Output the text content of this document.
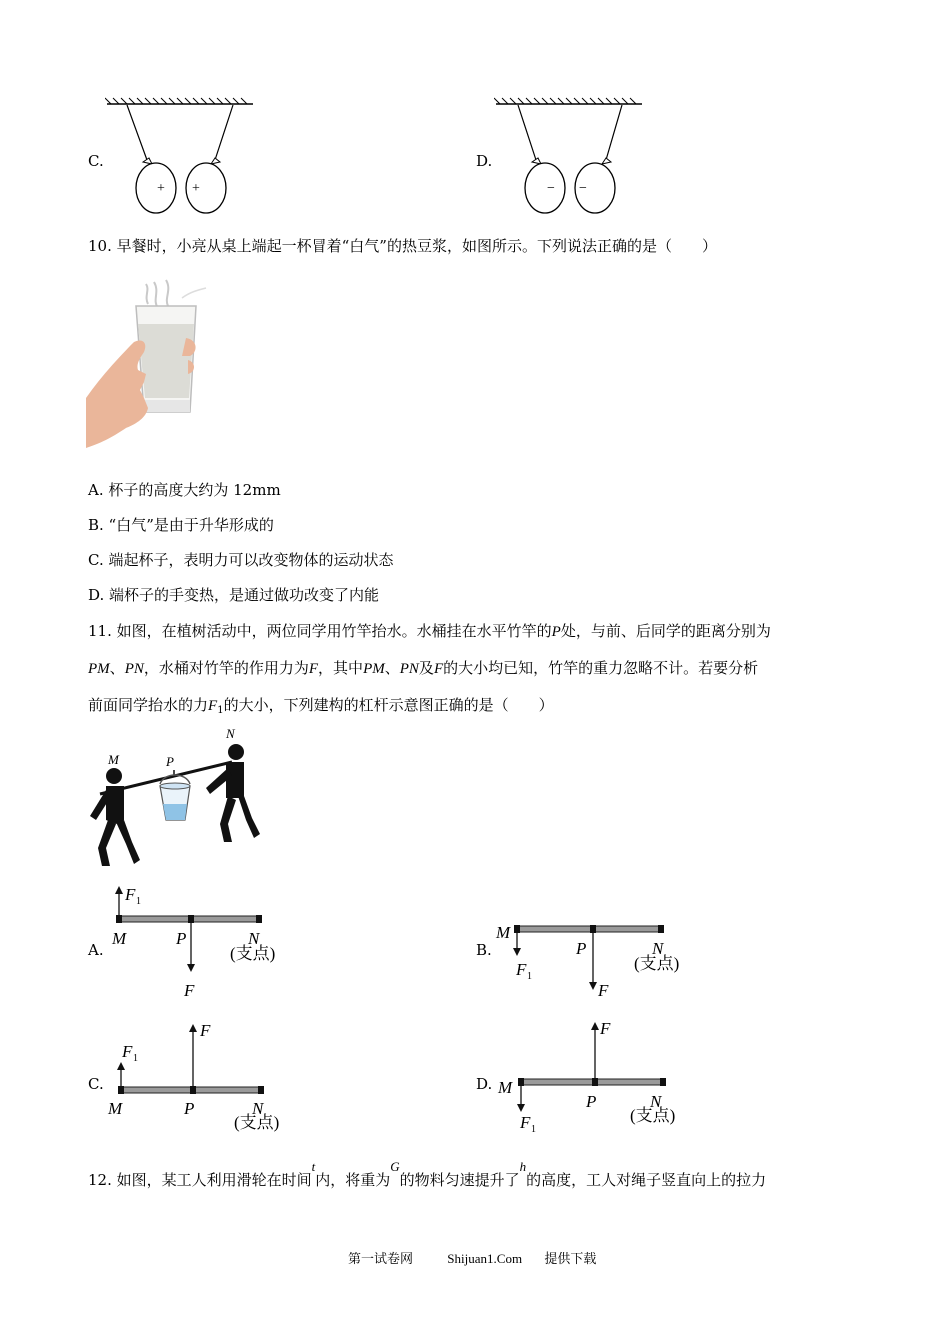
C.
+ +
D.
− −
10. 早餐时，小亮从桌上端起一杯冒着“白气”的热豆浆，如图所示。下列说法正确的是（　　）
A. 杯子的高度大约为 12mm
B. “白气”是由于升华形成的
C. 端起杯子，表明力可以改变物体的运动状态
D. 端杯子的手变热，是通过做功改变了内能
11. 如图，在植树活动中，两位同学用竹竿抬水。水桶挂在水平竹竿的P处，与前、后同学的距离分别为
PM、PN，水桶对竹竿的作用力为F，其中PM、PN及F的大小均已知，竹竿的重力忽略不计。若要分析
前面同学抬水的力$F_1$的大小，下列建构的杠杆示意图正确的是（　　）
M	P
N
A.
F 1
M	P	N
(支点)
F
B.
M
F 1
F
P	N
(支点)
C.
F 1
F
M	P	N
(支点)
D.
F
M
F 1
P	N
(支点)
12. 如图，某工人利用滑轮在时间t内，将重为G的物料匀速提升了h的高度，工人对绳子竖直向上的拉力
第一试卷网	Shijuan1.Com 提供下载
